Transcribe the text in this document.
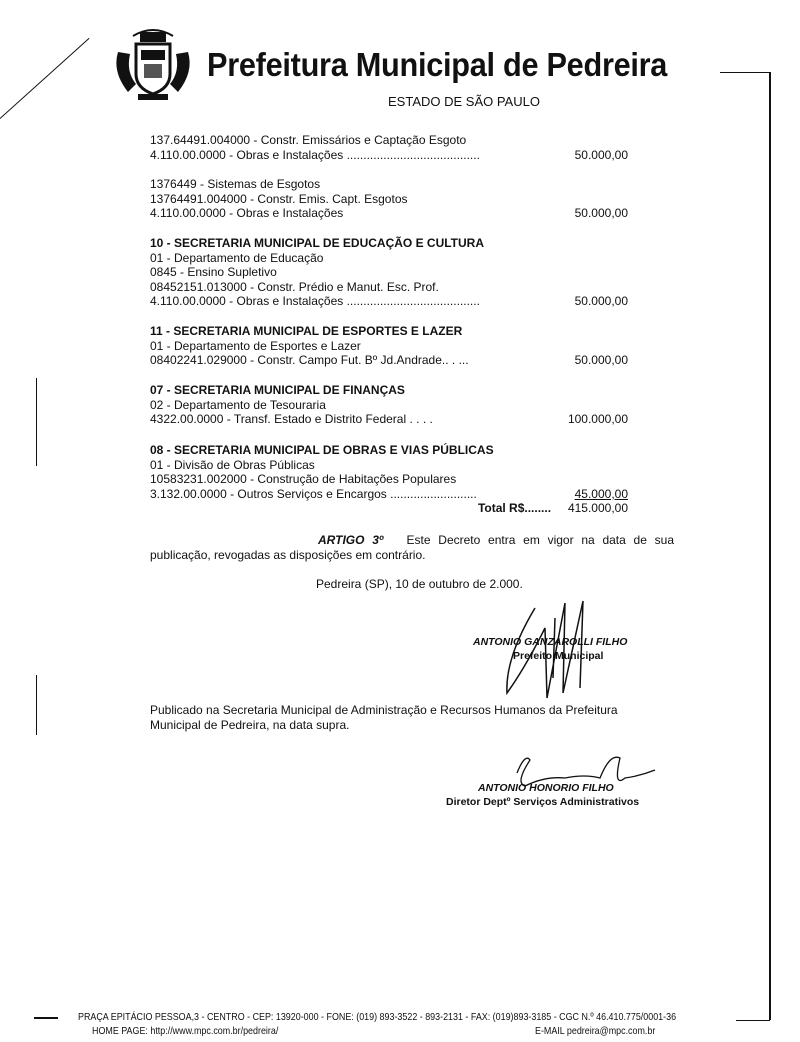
Prefeitura Municipal de Pedreira
ESTADO DE SÃO PAULO
137.64491.004000 - Constr. Emissários e Captação Esgoto
4.110.00.0000 - Obras e Instalações ........................................	50.000,00
1376449 - Sistemas de Esgotos
13764491.004000 - Constr. Emis. Capt. Esgotos
4.110.00.0000 - Obras e Instalações	50.000,00
10 - SECRETARIA MUNICIPAL DE EDUCAÇÃO E CULTURA
01 - Departamento de Educação
0845 - Ensino Supletivo
08452151.013000 - Constr. Prédio e Manut. Esc. Prof.
4.110.00.0000 - Obras e Instalações ........................................	50.000,00
11 - SECRETARIA MUNICIPAL DE ESPORTES E LAZER
01 - Departamento de Esportes e Lazer
08402241.029000 - Constr. Campo Fut. Bº Jd.Andrade.. . ...	50.000,00
07 - SECRETARIA MUNICIPAL DE FINANÇAS
02 - Departamento de Tesouraria
4322.00.0000 - Transf. Estado e Distrito Federal . . . .	100.000,00
08 - SECRETARIA MUNICIPAL DE OBRAS E VIAS PÚBLICAS
01 - Divisão de Obras Públicas
10583231.002000 - Construção de Habitações Populares
3.132.00.0000 - Outros Serviços e Encargos ..........................	45.000,00
Total R$........ 415.000,00
ARTIGO 3º Este Decreto entra em vigor na data de sua publicação, revogadas as disposições em contrário.
Pedreira (SP), 10 de outubro de 2.000.
ANTONIO GANZAROLLI FILHO
Prefeito Municipal
Publicado na Secretaria Municipal de Administração e Recursos Humanos da Prefeitura Municipal de Pedreira, na data supra.
ANTONIO HONORIO FILHO
Diretor Deptº Serviços Administrativos
PRAÇA EPITÁCIO PESSOA,3 - CENTRO - CEP: 13920-000 - FONE: (019) 893-3522 - 893-2131 - FAX: (019)893-3185 - CGC N.º 46.410.775/0001-36
HOME PAGE: http://www.mpc.com.br/pedreira/	E-MAIL pedreira@mpc.com.br
